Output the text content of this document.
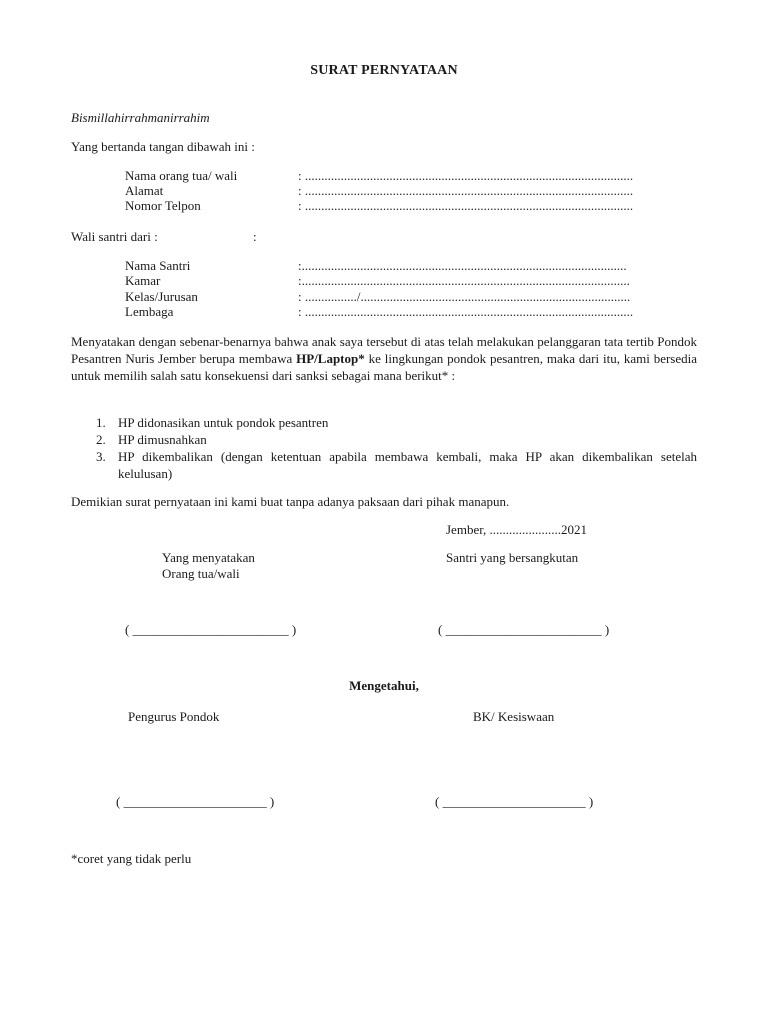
SURAT PERNYATAAN
Bismillahirrahmanirrahim
Yang bertanda tangan dibawah ini :
Nama orang tua/ wali	: .....................................................................................................
Alamat	: .....................................................................................................
Nomor Telpon	: .....................................................................................................
Wali santri dari :	:
Nama Santri	:....................................................................................................
Kamar	:.....................................................................................................
Kelas/Jurusan	: ................/...................................................................................
Lembaga	: .....................................................................................................
Menyatakan dengan sebenar-benarnya bahwa anak saya tersebut di atas telah melakukan pelanggaran tata tertib Pondok Pesantren Nuris Jember berupa membawa HP/Laptop* ke lingkungan pondok pesantren, maka dari itu, kami bersedia untuk memilih salah satu konsekuensi dari sanksi sebagai mana berikut* :
1. HP didonasikan untuk pondok pesantren
2. HP dimusnahkan
3. HP dikembalikan (dengan ketentuan apabila membawa kembali, maka HP akan dikembalikan setelah kelulusan)
Demikian surat pernyataan ini kami buat tanpa adanya paksaan dari pihak manapun.
Jember, ......................2021
Yang menyatakan
Orang tua/wali
Santri yang bersangkutan
( ________________________ )	( ________________________ )
Mengetahui,
Pengurus Pondok	BK/ Kesiswaan
( ______________________ )	( ______________________ )
*coret yang tidak perlu
